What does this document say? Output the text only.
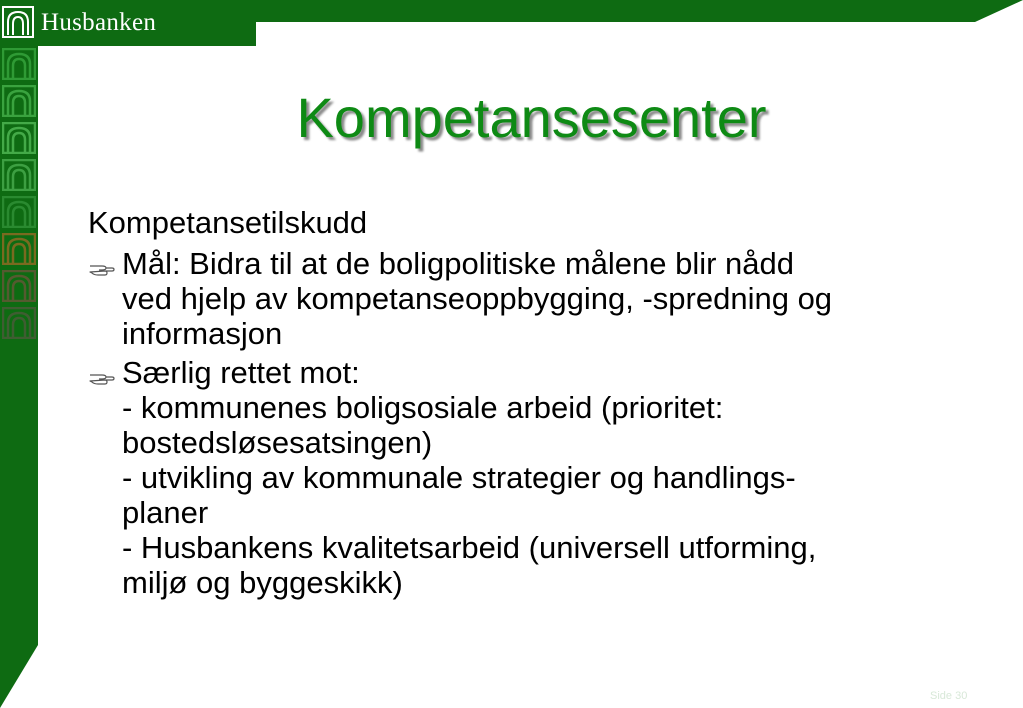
Husbanken
Kompetansesenter
Kompetansetilskudd
Mål: Bidra til at de boligpolitiske målene blir nådd
ved hjelp av kompetanseoppbygging, -spredning og
informasjon
Særlig rettet mot:
- kommunenes boligsosiale arbeid (prioritet:
bostedsløsesatsingen)
- utvikling av kommunale strategier og handlings-
planer
- Husbankens kvalitetsarbeid (universell utforming,
miljø og byggeskikk)
Side 30
